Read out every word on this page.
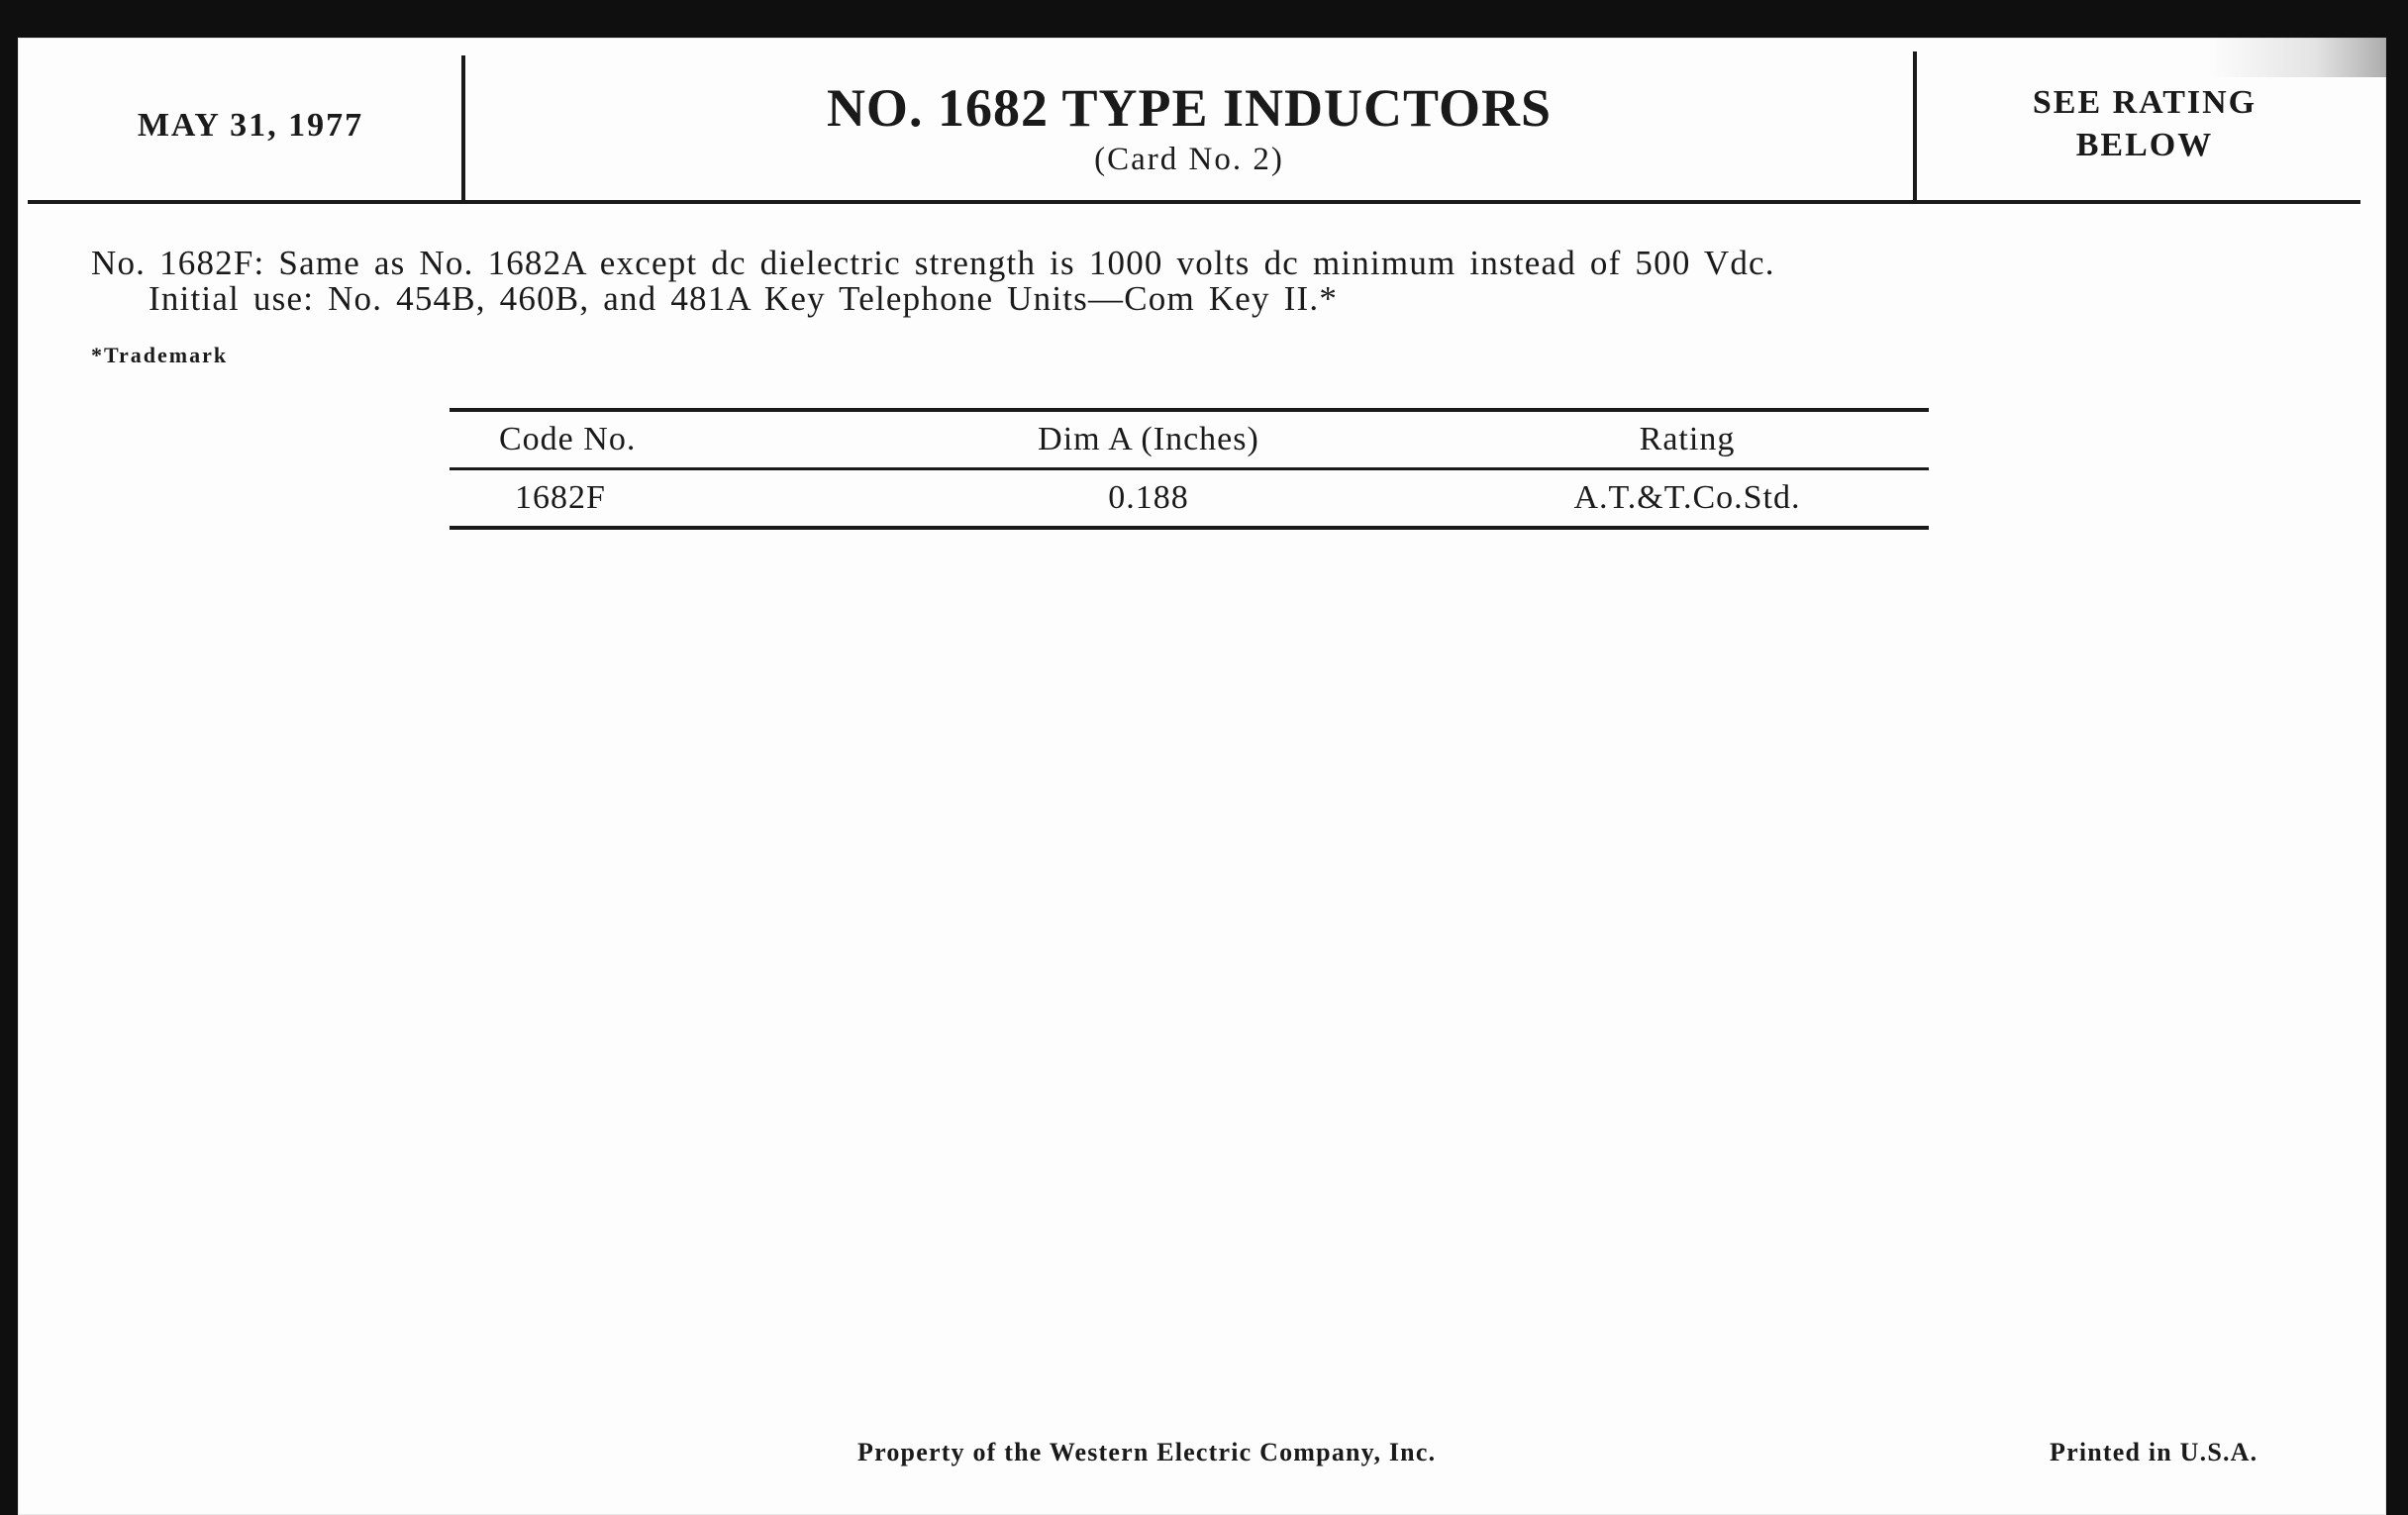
MAY 31, 1977	NO. 1682 TYPE INDUCTORS
(Card No. 2)
SEE RATING
BELOW
No. 1682F: Same as No. 1682A except dc dielectric strength is 1000 volts dc minimum instead of 500 Vdc.
Initial use: No. 454B, 460B, and 481A Key Telephone Units—Com Key II.*
*Trademark
Code No.	Dim A (Inches)	Rating
1682F	0.188	A.T.&T.Co.Std.
Property of the Western Electric Company, Inc.	Printed in U.S.A.
